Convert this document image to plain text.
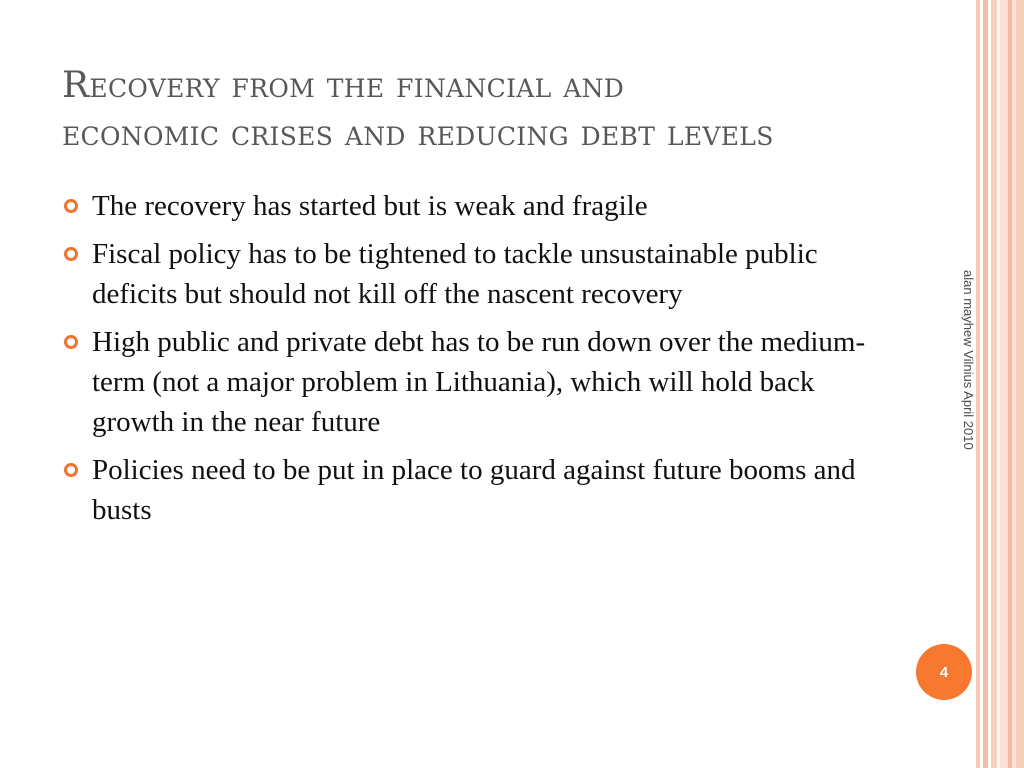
Recovery from the financial and
economic crises and reducing debt levels
The recovery has started but is weak and fragile
Fiscal policy has to be tightened to tackle unsustainable public deficits but should not kill off the nascent recovery
High public and private debt has to be run down over the medium-term (not a major problem in Lithuania), which will hold back growth in the near future
Policies need to be put in place to guard against future booms and busts
alan mayhew Vilnius April 2010
4
